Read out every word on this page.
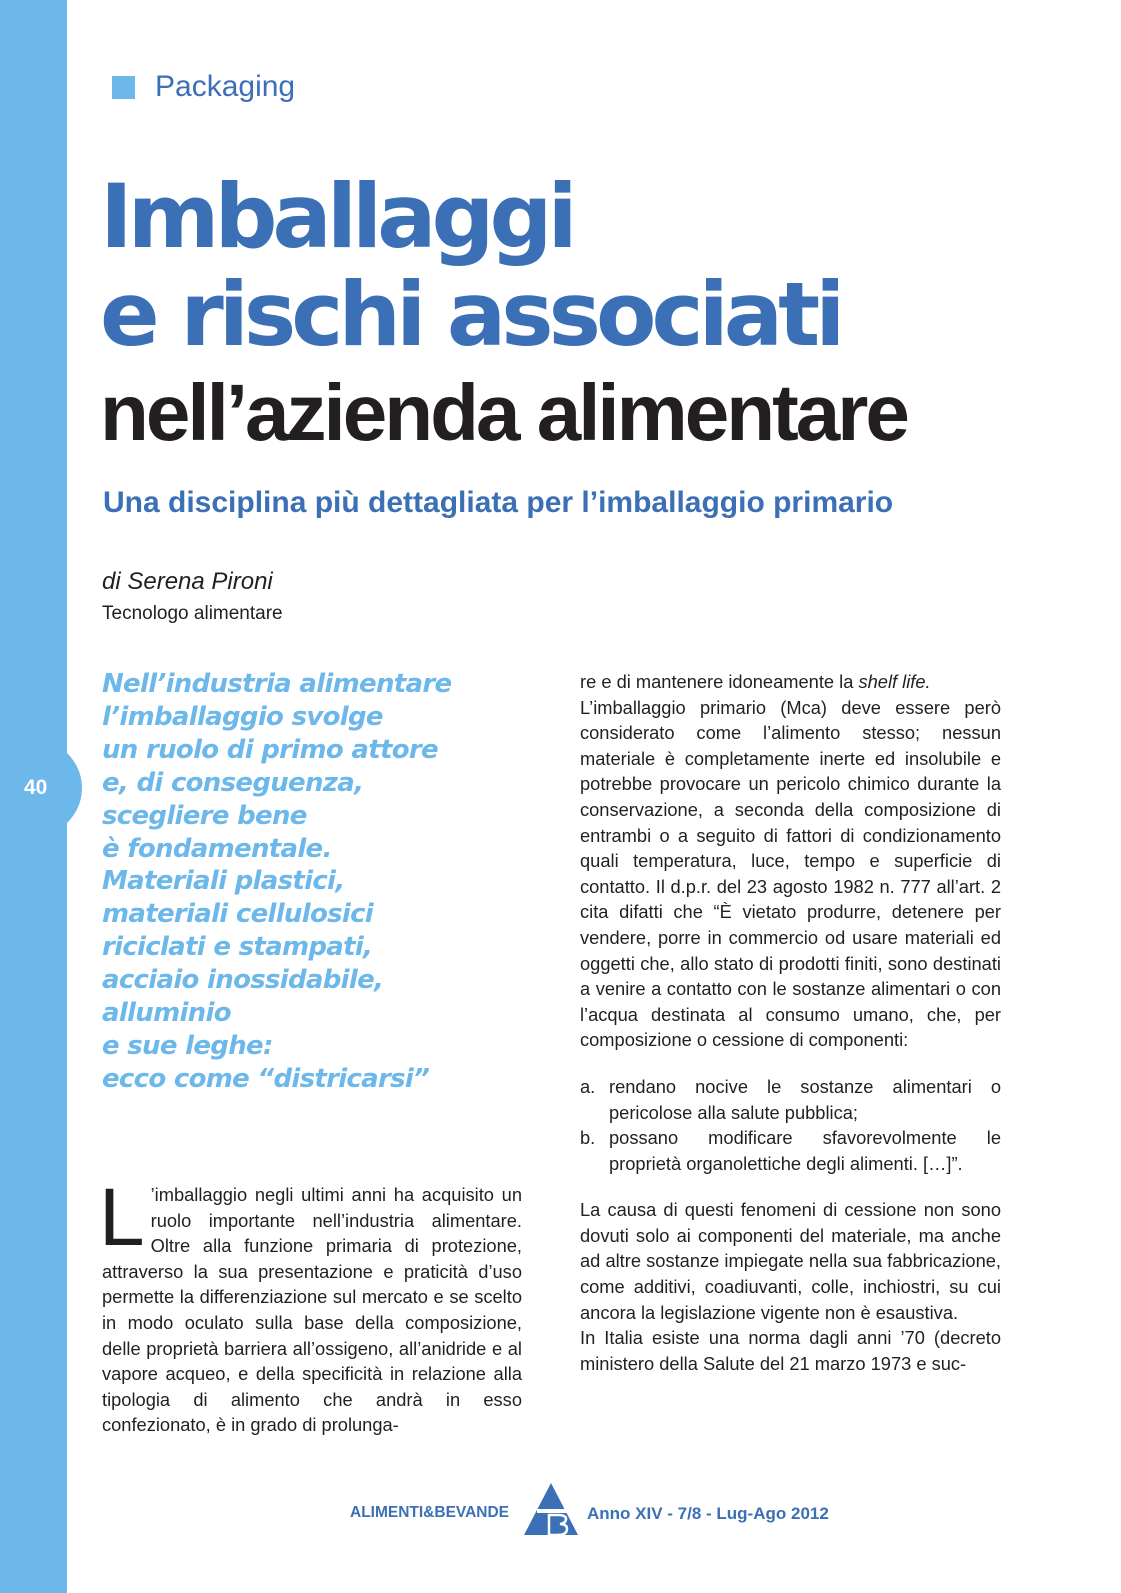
40
Packaging
Imballaggi
e rischi associati
nell’azienda alimentare
Una disciplina più dettagliata per l’imballaggio primario
di Serena Pironi
Tecnologo alimentare
Nell’industria alimentare
l’imballaggio svolge
un ruolo di primo attore
e, di conseguenza,
scegliere bene
è fondamentale.
Materiali plastici,
materiali cellulosici
riciclati e stampati,
acciaio inossidabile,
alluminio
e sue leghe:
ecco come “districarsi”

L ’imballaggio negli ultimi anni ha acquisito un ruolo importante nell’industria alimentare. Oltre alla funzione primaria di protezione, attraverso la sua presentazione e praticità d’uso permette la differenziazione sul mercato e se scelto in modo oculato sulla base della composizione, delle proprietà barriera all’ossigeno, all’anidride e al vapore acqueo, e della specificità in relazione alla tipologia di alimento che andrà in esso confezionato, è in grado di prolunga-

re e di mantenere idoneamente la shelf life.

L’imballaggio primario (Mca) deve essere però considerato come l’alimento stesso; nessun materiale è completamente inerte ed insolubile e potrebbe provocare un pericolo chimico durante la conservazione, a seconda della composizione di entrambi o a seguito di fattori di condizionamento quali temperatura, luce, tempo e superficie di contatto. Il d.p.r. del 23 agosto 1982 n. 777 all’art. 2 cita difatti che “È vietato produrre, detenere per vendere, porre in commercio od usare materiali ed oggetti che, allo stato di prodotti finiti, sono destinati a venire a contatto con le sostanze alimentari o con l’acqua destinata al consumo umano, che, per composizione o cessione di componenti:

a. rendano nocive le sostanze alimentari o pericolose alla salute pubblica;
b. possano modificare sfavorevolmente le proprietà organolettiche degli alimenti. […]”.

La causa di questi fenomeni di cessione non sono dovuti solo ai componenti del materiale, ma anche ad altre sostanze impiegate nella sua fabbricazione, come additivi, coadiuvanti, colle, inchiostri, su cui ancora la legislazione vigente non è esaustiva.

In Italia esiste una norma dagli anni ’70 (decreto ministero della Salute del 21 marzo 1973 e suc-

ALIMENTI&BEVANDE	Anno XIV - 7/8 - Lug-Ago 2012
